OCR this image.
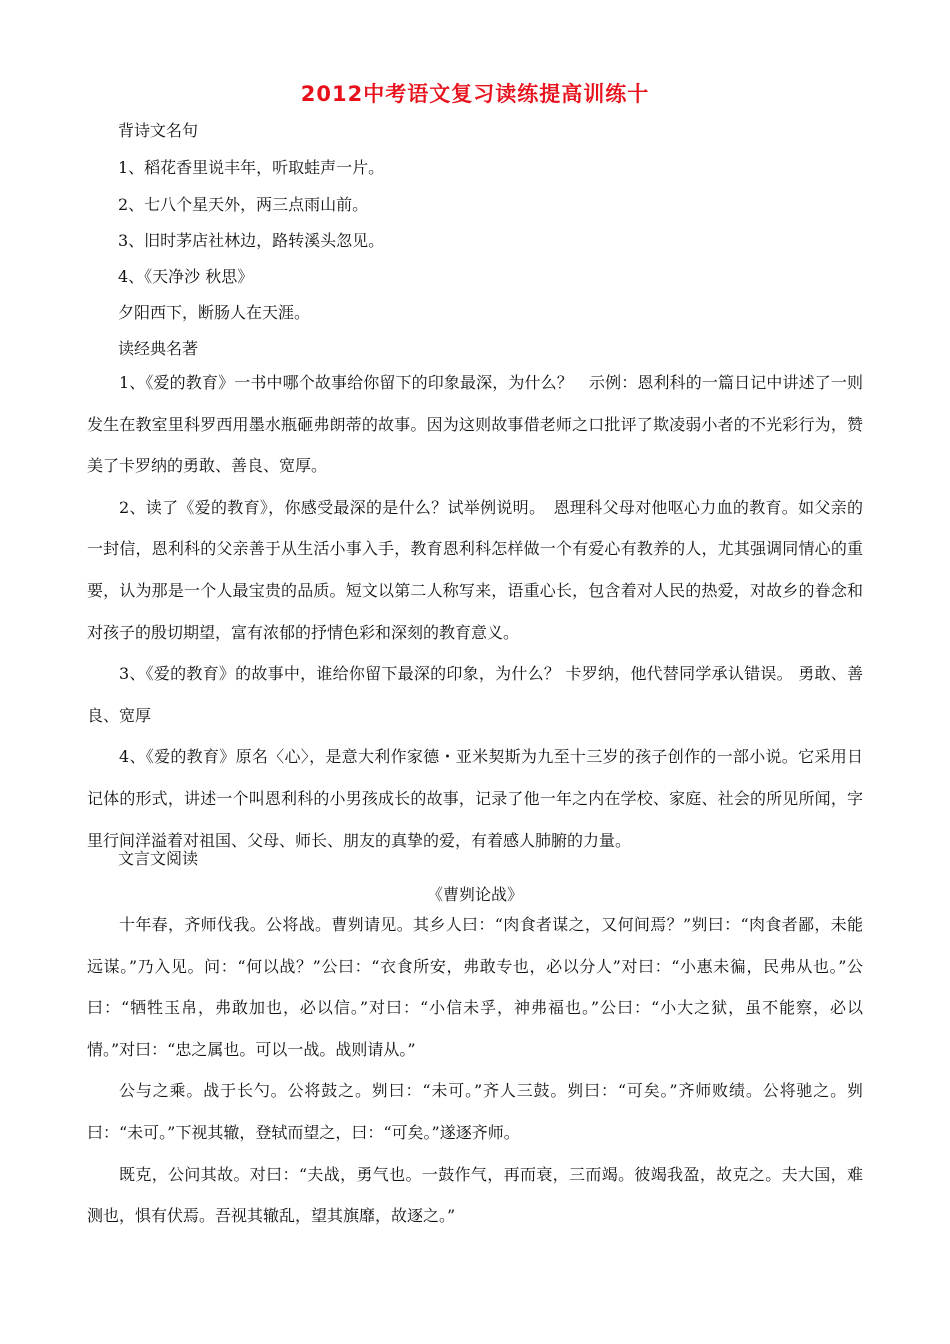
2012中考语文复习读练提高训练十
背诗文名句
1、稻花香里说丰年，听取蛙声一片。
2、七八个星天外，两三点雨山前。
3、旧时茅店社林边，路转溪头忽见。
4、《天净沙 秋思》
夕阳西下，断肠人在天涯。
读经典名著

1、《爱的教育》一书中哪个故事给你留下的印象最深，为什么？　示例：恩利科的一篇日记中讲述了一则发生在教室里科罗西用墨水瓶砸弗朗蒂的故事。因为这则故事借老师之口批评了欺凌弱小者的不光彩行为，赞美了卡罗纳的勇敢、善良、宽厚。

2、读了《爱的教育》，你感受最深的是什么？试举例说明。　恩理科父母对他呕心力血的教育。如父亲的一封信，恩利科的父亲善于从生活小事入手，教育恩利科怎样做一个有爱心有教养的人，尤其强调同情心的重要，认为那是一个人最宝贵的品质。短文以第二人称写来，语重心长，包含着对人民的热爱，对故乡的眷念和对孩子的殷切期望，富有浓郁的抒情色彩和深刻的教育意义。

3、《爱的教育》的故事中，谁给你留下最深的印象，为什么？ 卡罗纳，他代替同学承认错误。 勇敢、善良、宽厚

4、《爱的教育》原名〈心〉，是意大利作家德・亚米契斯为九至十三岁的孩子创作的一部小说。它采用日记体的形式，讲述一个叫恩利科的小男孩成长的故事，记录了他一年之内在学校、家庭、社会的所见所闻，字里行间洋溢着对祖国、父母、师长、朋友的真挚的爱，有着感人肺腑的力量。

文言文阅读
《曹刿论战》

十年春，齐师伐我。公将战。曹刿请见。其乡人曰：“肉食者谋之，又何间焉？”刿曰：“肉食者鄙，未能远谋。”乃入见。问：“何以战？”公曰：“衣食所安，弗敢专也，必以分人”对曰：“小惠未徧，民弗从也。”公曰：“牺牲玉帛，弗敢加也，必以信。”对曰：“小信未孚，神弗福也。”公曰：“小大之狱，虽不能察，必以情。”对曰：“忠之属也。可以一战。战则请从。”

公与之乘。战于长勺。公将鼓之。刿曰：“未可。”齐人三鼓。刿曰：“可矣。”齐师败绩。公将驰之。刿曰：“未可。”下视其辙，登轼而望之，曰：“可矣。”遂逐齐师。

既克，公问其故。对曰：“夫战，勇气也。一鼓作气，再而衰，三而竭。彼竭我盈，故克之。夫大国，难测也，惧有伏焉。吾视其辙乱，望其旗靡，故逐之。”
